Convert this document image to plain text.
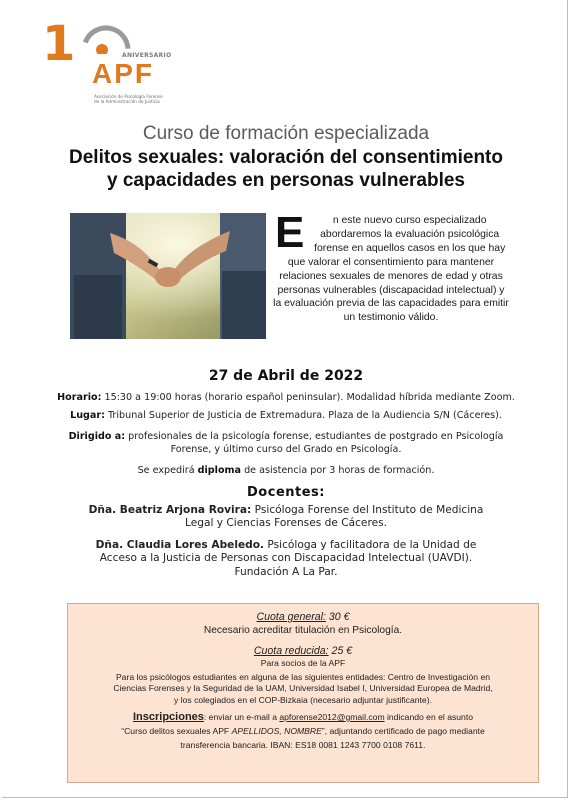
1	ANIVERSARIO
APF
Asociación de Psicología Forense
de la Administración de Justicia
Curso de formación especializada
Delitos sexuales: valoración del consentimiento
y capacidades en personas vulnerables
E	n este nuevo curso especializado abordaremos la evaluación psicológica forense en aquellos casos en los que hay que valorar el consentimiento para mantener relaciones sexuales de menores de edad y otras personas vulnerables (discapacidad intelectual) y la evaluación previa de las capacidades para emitir un testimonio válido.
27 de Abril de 2022
Horario: 15:30 a 19:00 horas (horario español peninsular). Modalidad híbrida mediante Zoom.
Lugar: Tribunal Superior de Justicia de Extremadura. Plaza de la Audiencia S/N (Cáceres).
Dirigido a: profesionales de la psicología forense, estudiantes de postgrado en Psicología
Forense, y último curso del Grado en Psicología.
Se expedirá diploma de asistencia por 3 horas de formación.
Docentes:
Dña. Beatriz Arjona Rovira: Psicóloga Forense del Instituto de Medicina
Legal y Ciencias Forenses de Cáceres.
Dña. Claudia Lores Abeledo. Psicóloga y facilitadora de la Unidad de
Acceso a la Justicia de Personas con Discapacidad Intelectual (UAVDI).
Fundación A La Par.
Cuota general: 30 €
Necesario acreditar titulación en Psicología.
Cuota reducida: 25 €
Para socios de la APF
Para los psicólogos estudiantes en alguna de las siguientes entidades: Centro de Investigación en
Ciencias Forenses y la Seguridad de la UAM, Universidad Isabel I, Universidad Europea de Madrid,
y los colegiados en el COP-Bizkaia (necesario adjuntar justificante).
Inscripciones: enviar un e-mail a apforense2012@gmail.com indicando en el asunto
“Curso delitos sexuales APF APELLIDOS, NOMBRE”, adjuntando certificado de pago mediante
transferencia bancaria. IBAN: ES18 0081 1243 7700 0108 7611.
